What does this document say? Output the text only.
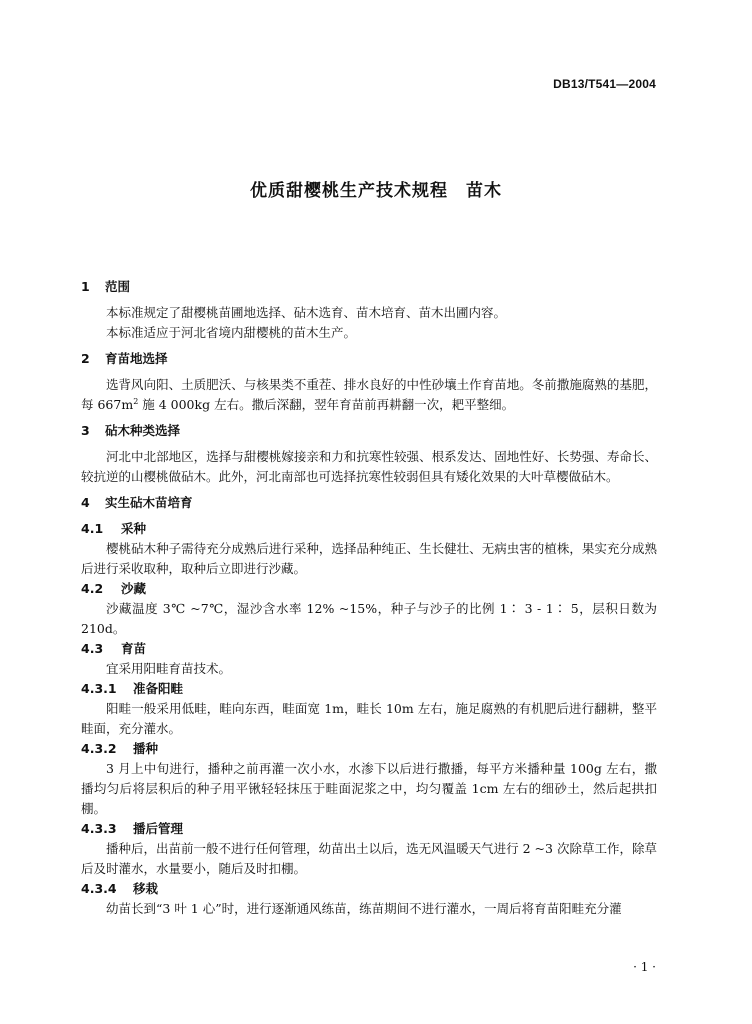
DB13/T541—2004
优质甜樱桃生产技术规程　苗木
1 范围
本标准规定了甜樱桃苗圃地选择、砧木选育、苗木培育、苗木出圃内容。
本标准适应于河北省境内甜樱桃的苗木生产。
2 育苗地选择
选背风向阳、土质肥沃、与核果类不重茬、排水良好的中性砂壤土作育苗地。冬前撒施腐熟的基肥，每 $667m^2$ 施 4 000kg 左右。撒后深翻，翌年育苗前再耕翻一次，耙平整细。
3 砧木种类选择
河北中北部地区，选择与甜樱桃嫁接亲和力和抗寒性较强、根系发达、固地性好、长势强、寿命长、较抗逆的山樱桃做砧木。此外，河北南部也可选择抗寒性较弱但具有矮化效果的大叶草樱做砧木。
4 实生砧木苗培育
4.1 采种
樱桃砧木种子需待充分成熟后进行采种，选择品种纯正、生长健壮、无病虫害的植株，果实充分成熟后进行采收取种，取种后立即进行沙藏。
4.2 沙藏
沙藏温度 3℃ ~7℃，湿沙含水率 12% ~15%，种子与沙子的比例 1∶ 3 - 1∶ 5，层积日数为 210d。
4.3 育苗
宜采用阳畦育苗技术。
4.3.1 准备阳畦
阳畦一般采用低畦，畦向东西，畦面宽 1m，畦长 10m 左右，施足腐熟的有机肥后进行翻耕，整平畦面，充分灌水。
4.3.2 播种
3 月上中旬进行，播种之前再灌一次小水，水渗下以后进行撒播，每平方米播种量 100g 左右，撒播均匀后将层积后的种子用平锹轻轻抹压于畦面泥浆之中，均匀覆盖 1cm 左右的细砂土，然后起拱扣棚。
4.3.3 播后管理
播种后，出苗前一般不进行任何管理，幼苗出土以后，选无风温暖天气进行 2 ~3 次除草工作，除草后及时灌水，水量要小，随后及时扣棚。
4.3.4 移栽
幼苗长到“3 叶 1 心”时，进行逐渐通风练苗，练苗期间不进行灌水，一周后将育苗阳畦充分灌
· 1 ·
